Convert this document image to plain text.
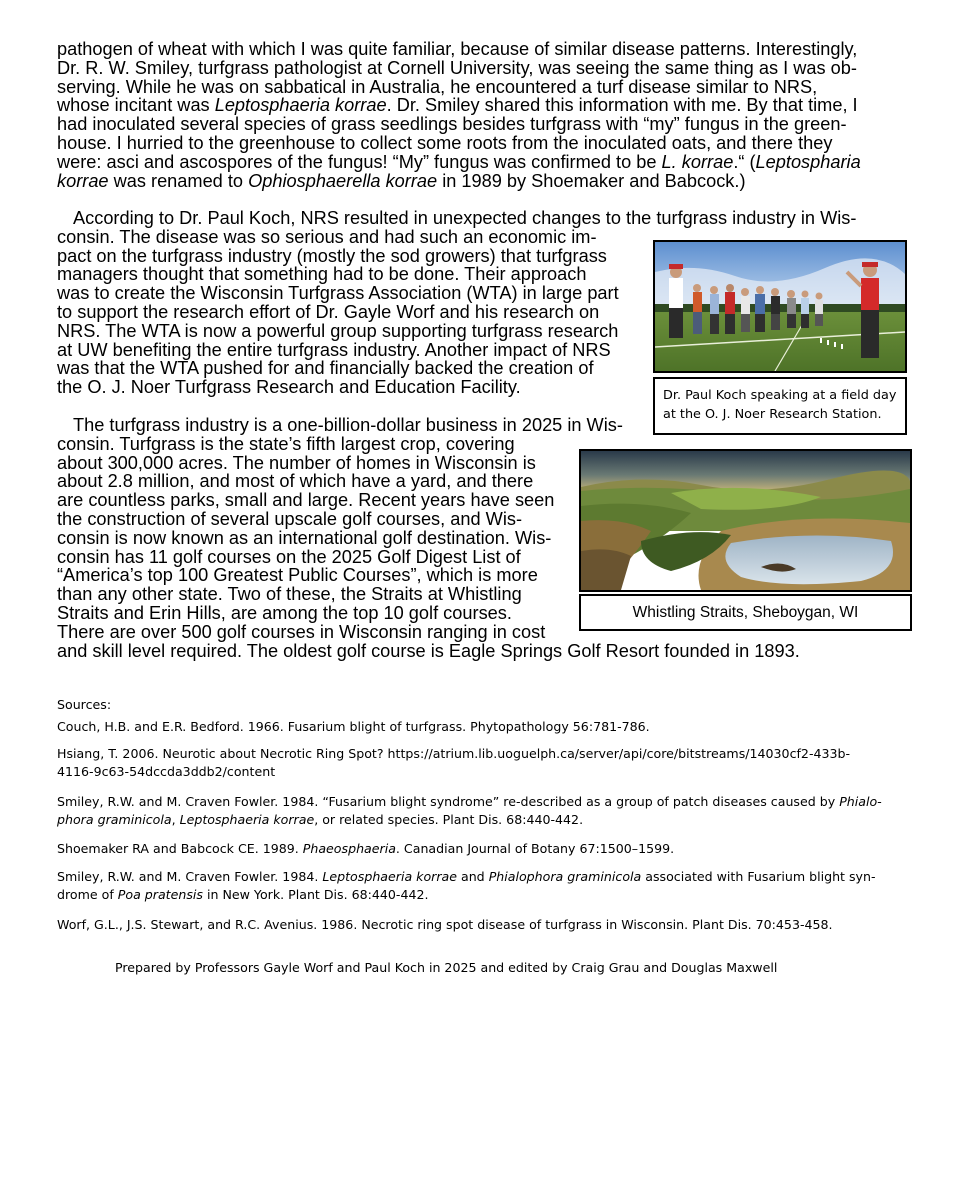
pathogen of wheat with which I was quite familiar, because of similar disease patterns. Interestingly,
Dr. R. W. Smiley, turfgrass pathologist at Cornell University, was seeing the same thing as I was ob-
serving. While he was on sabbatical in Australia, he encountered a turf disease similar to NRS,
whose incitant was Leptosphaeria korrae. Dr. Smiley shared this information with me. By that time, I
had inoculated several species of grass seedlings besides turfgrass with “my” fungus in the green-
house. I hurried to the greenhouse to collect some roots from the inoculated oats, and there they
were: asci and ascospores of the fungus! “My” fungus was confirmed to be L. korrae.“ (Leptospharia
korrae was renamed to Ophiosphaerella korrae in 1989 by Shoemaker and Babcock.)
According to Dr. Paul Koch, NRS resulted in unexpected changes to the turfgrass industry in Wis-
consin. The disease was so serious and had such an economic im-
pact on the turfgrass industry (mostly the sod growers) that turfgrass
managers thought that something had to be done. Their approach
was to create the Wisconsin Turfgrass Association (WTA) in large part
to support the research effort of Dr. Gayle Worf and his research on
NRS. The WTA is now a powerful group supporting turfgrass research
at UW benefiting the entire turfgrass industry. Another impact of NRS
was that the WTA pushed for and financially backed the creation of
the O. J. Noer Turfgrass Research and Education Facility.	Dr. Paul Koch speaking at a field day
at the O. J. Noer Research Station.
The turfgrass industry is a one-billion-dollar business in 2025 in Wis-
consin. Turfgrass is the state’s fifth largest crop, covering
about 300,000 acres. The number of homes in Wisconsin is
about 2.8 million, and most of which have a yard, and there
are countless parks, small and large. Recent years have seen
the construction of several upscale golf courses, and Wis-
consin is now known as an international golf destination. Wis-
consin has 11 golf courses on the 2025 Golf Digest List of
“America’s top 100 Greatest Public Courses”, which is more
than any other state. Two of these, the Straits at Whistling
Straits and Erin Hills, are among the top 10 golf courses.
There are over 500 golf courses in Wisconsin ranging in cost
and skill level required. The oldest golf course is Eagle Springs Golf Resort founded in 1893.
Whistling Straits, Sheboygan, WI
Sources:
Couch, H.B. and E.R. Bedford. 1966. Fusarium blight of turfgrass. Phytopathology 56:781-786.
Hsiang, T. 2006. Neurotic about Necrotic Ring Spot? https://atrium.lib.uoguelph.ca/server/api/core/bitstreams/14030cf2-433b-
4116-9c63-54dccda3ddb2/content
Smiley, R.W. and M. Craven Fowler. 1984. “Fusarium blight syndrome” re-described as a group of patch diseases caused by Phialo-
phora graminicola, Leptosphaeria korrae, or related species. Plant Dis. 68:440-442.
Shoemaker RA and Babcock CE. 1989. Phaeosphaeria. Canadian Journal of Botany 67:1500–1599.
Smiley, R.W. and M. Craven Fowler. 1984. Leptosphaeria korrae and Phialophora graminicola associated with Fusarium blight syn-
drome of Poa pratensis in New York. Plant Dis. 68:440-442.
Worf, G.L., J.S. Stewart, and R.C. Avenius. 1986. Necrotic ring spot disease of turfgrass in Wisconsin. Plant Dis. 70:453-458.
Prepared by Professors Gayle Worf and Paul Koch in 2025 and edited by Craig Grau and Douglas Maxwell
